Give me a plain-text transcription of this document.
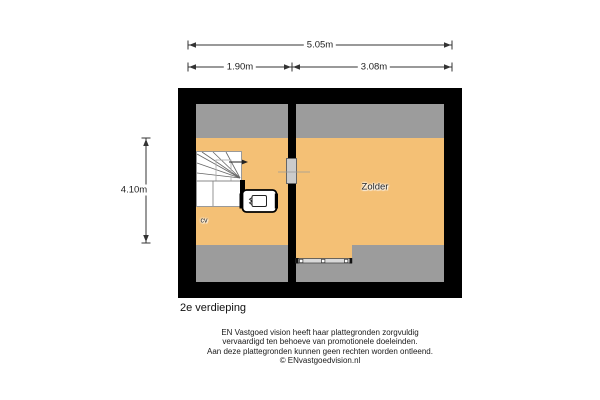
5.05m
1.90m	3.08m
4.10m	Zolder
cv
2e verdieping
EN Vastgoed vision heeft haar plattegronden zorgvuldig
vervaardigd ten behoeve van promotionele doeleinden.
Aan deze plattegronden kunnen geen rechten worden ontleend.
© ENvastgoedvision.nl
